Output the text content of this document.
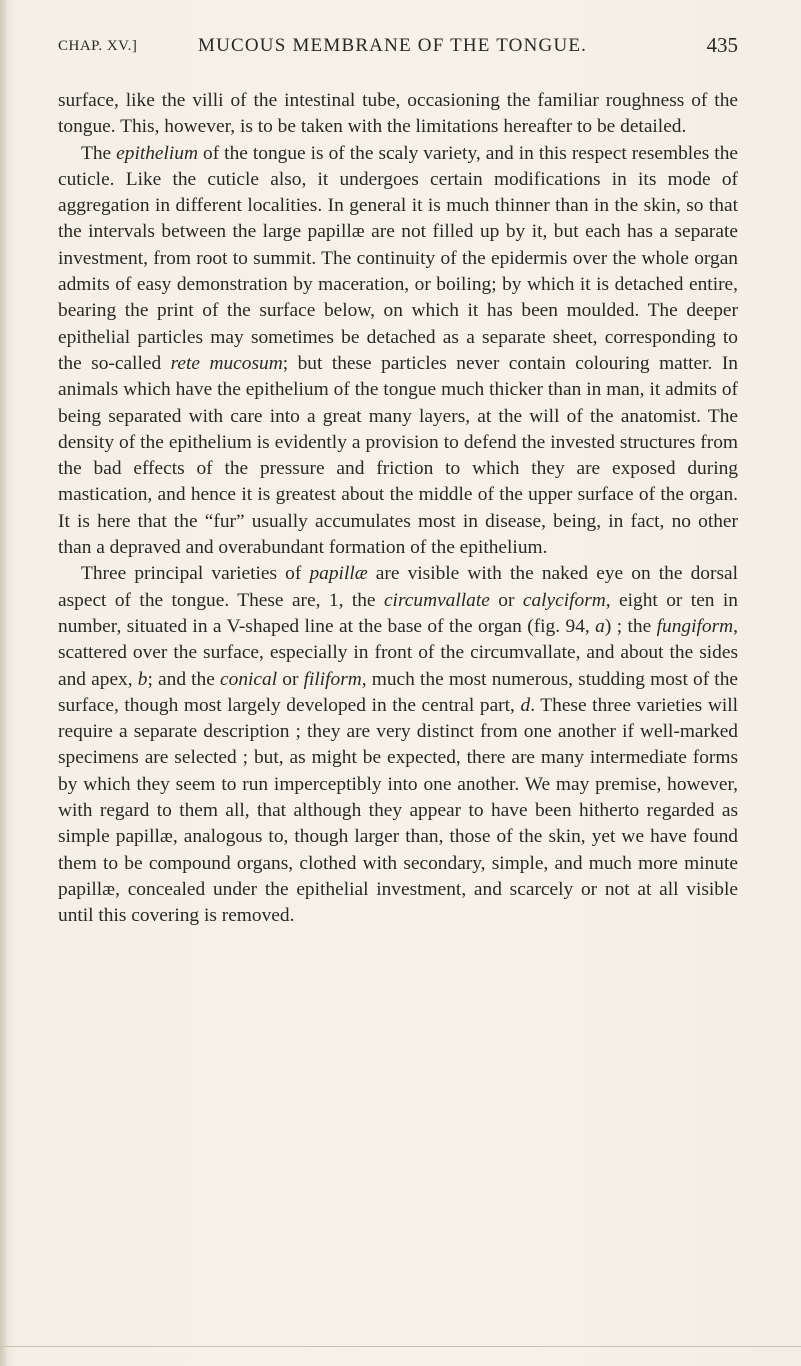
CHAP. XV.]	MUCOUS MEMBRANE OF THE TONGUE.	435

surface, like the villi of the intestinal tube, occasioning the familiar roughness of the tongue. This, however, is to be taken with the limitations hereafter to be detailed.

The epithelium of the tongue is of the scaly variety, and in this respect resembles the cuticle. Like the cuticle also, it undergoes certain modifications in its mode of aggregation in different localities. In general it is much thinner than in the skin, so that the intervals between the large papillæ are not filled up by it, but each has a separate investment, from root to summit. The continuity of the epidermis over the whole organ admits of easy demonstration by maceration, or boiling; by which it is detached entire, bearing the print of the surface below, on which it has been moulded. The deeper epithelial particles may sometimes be detached as a separate sheet, corresponding to the so-called rete mucosum; but these particles never contain colouring matter. In animals which have the epithelium of the tongue much thicker than in man, it admits of being separated with care into a great many layers, at the will of the anatomist. The density of the epithelium is evidently a provision to defend the invested structures from the bad effects of the pressure and friction to which they are exposed during mastication, and hence it is greatest about the middle of the upper surface of the organ. It is here that the “fur” usually accumulates most in disease, being, in fact, no other than a depraved and overabundant formation of the epithelium.

Three principal varieties of papillæ are visible with the naked eye on the dorsal aspect of the tongue. These are, 1, the circumvallate or calyciform, eight or ten in number, situated in a V-shaped line at the base of the organ (fig. 94, a) ; the fungiform, scattered over the surface, especially in front of the circumvallate, and about the sides and apex, b; and the conical or filiform, much the most numerous, studding most of the surface, though most largely developed in the central part, d. These three varieties will require a separate description ; they are very distinct from one another if well-marked specimens are selected ; but, as might be expected, there are many intermediate forms by which they seem to run imperceptibly into one another. We may premise, however, with regard to them all, that although they appear to have been hitherto regarded as simple papillæ, analogous to, though larger than, those of the skin, yet we have found them to be compound organs, clothed with secondary, simple, and much more minute papillæ, concealed under the epithelial investment, and scarcely or not at all visible until this covering is removed.
